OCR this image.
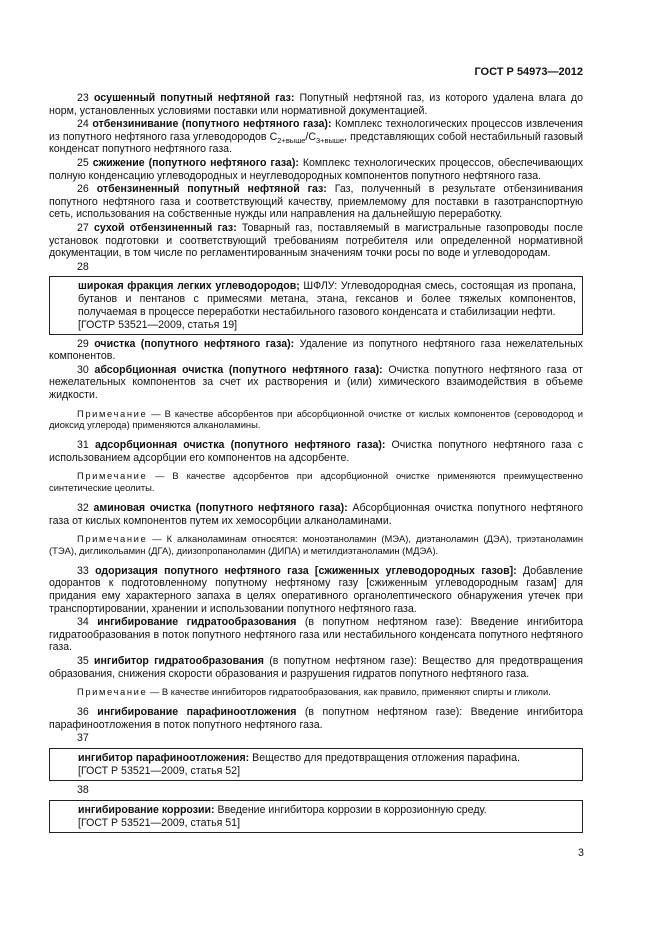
ГОСТ Р 54973—2012

23 осушенный попутный нефтяной газ: Попутный нефтяной газ, из которого удалена влага до норм, установленных условиями поставки или нормативной документацией.

24 отбензинивание (попутного нефтяного газа): Комплекс технологических процессов извлечения из попутного нефтяного газа углеводородов $С_{2+выше}/С_{3+выше}$, представляющих собой нестабильный газовый конденсат попутного нефтяного газа.

25 сжижение (попутного нефтяного газа): Комплекс технологических процессов, обеспечивающих полную конденсацию углеводородных и неуглеводородных компонентов попутного нефтяного газа.

26 отбензиненный попутный нефтяной газ: Газ, полученный в результате отбензинивания попутного нефтяного газа и соответствующий качеству, приемлемому для поставки в газотранспортную сеть, использования на собственные нужды или направления на дальнейшую переработку.

27 сухой отбензиненный газ: Товарный газ, поставляемый в магистральные газопроводы после установок подготовки и соответствующий требованиям потребителя или определенной нормативной документации, в том числе по регламентированным значениям точки росы по воде и углеводородам.

28

широкая фракция легких углеводородов; ШФЛУ: Углеводородная смесь, состоящая из пропана, бутанов и пентанов с примесями метана, этана, гексанов и более тяжелых компонентов, получаемая в процессе переработки нестабильного газового конденсата и стабилизации нефти.

[ГОСТР 53521—2009, статья 19]

29 очистка (попутного нефтяного газа): Удаление из попутного нефтяного газа нежелательных компонентов.

30 абсорбционная очистка (попутного нефтяного газа): Очистка попутного нефтяного газа от нежелательных компонентов за счет их растворения и (или) химического взаимодействия в объеме жидкости.

Примечание — В качестве абсорбентов при абсорбционной очистке от кислых компонентов (сероводород и диоксид углерода) применяются алканоламины.

31 адсорбционная очистка (попутного нефтяного газа): Очистка попутного нефтяного газа с использованием адсорбции его компонентов на адсорбенте.

Примечание — В качестве адсорбентов при адсорбционной очистке применяются преимущественно синтетические цеолиты.

32 аминовая очистка (попутного нефтяного газа): Абсорбционная очистка попутного нефтяного газа от кислых компонентов путем их хемосорбции алканоламинами.

Примечание — К алканоламинам относятся: моноэтаноламин (МЭА), диэтаноламин (ДЭА), триэтаноламин (ТЭА), дигликольамин (ДГА), диизопропаноламин (ДИПА) и метилдиэтаноламин (МДЭА).

33 одоризация попутного нефтяного газа [сжиженных углеводородных газов]: Добавление одорантов к подготовленному попутному нефтяному газу [сжиженным углеводородным газам] для придания ему характерного запаха в целях оперативного органолептического обнаружения утечек при транспортировании, хранении и использовании попутного нефтяного газа.

34 ингибирование гидратообразования (в попутном нефтяном газе): Введение ингибитора гидратообразования в поток попутного нефтяного газа или нестабильного конденсата попутного нефтяного газа.

35 ингибитор гидратообразования (в попутном нефтяном газе): Вещество для предотвращения образования, снижения скорости образования и разрушения гидратов попутного нефтяного газа.

Примечание — В качестве ингибиторов гидратообразования, как правило, применяют спирты и гликоли.

36 ингибирование парафиноотложения (в попутном нефтяном газе): Введение ингибитора парафиноотложения в поток попутного нефтяного газа.

37

ингибитор парафиноотложения: Вещество для предотвращения отложения парафина.

[ГОСТ Р 53521—2009, статья 52]

38

ингибирование коррозии: Введение ингибитора коррозии в коррозионную среду.

[ГОСТ Р 53521—2009, статья 51]

3
